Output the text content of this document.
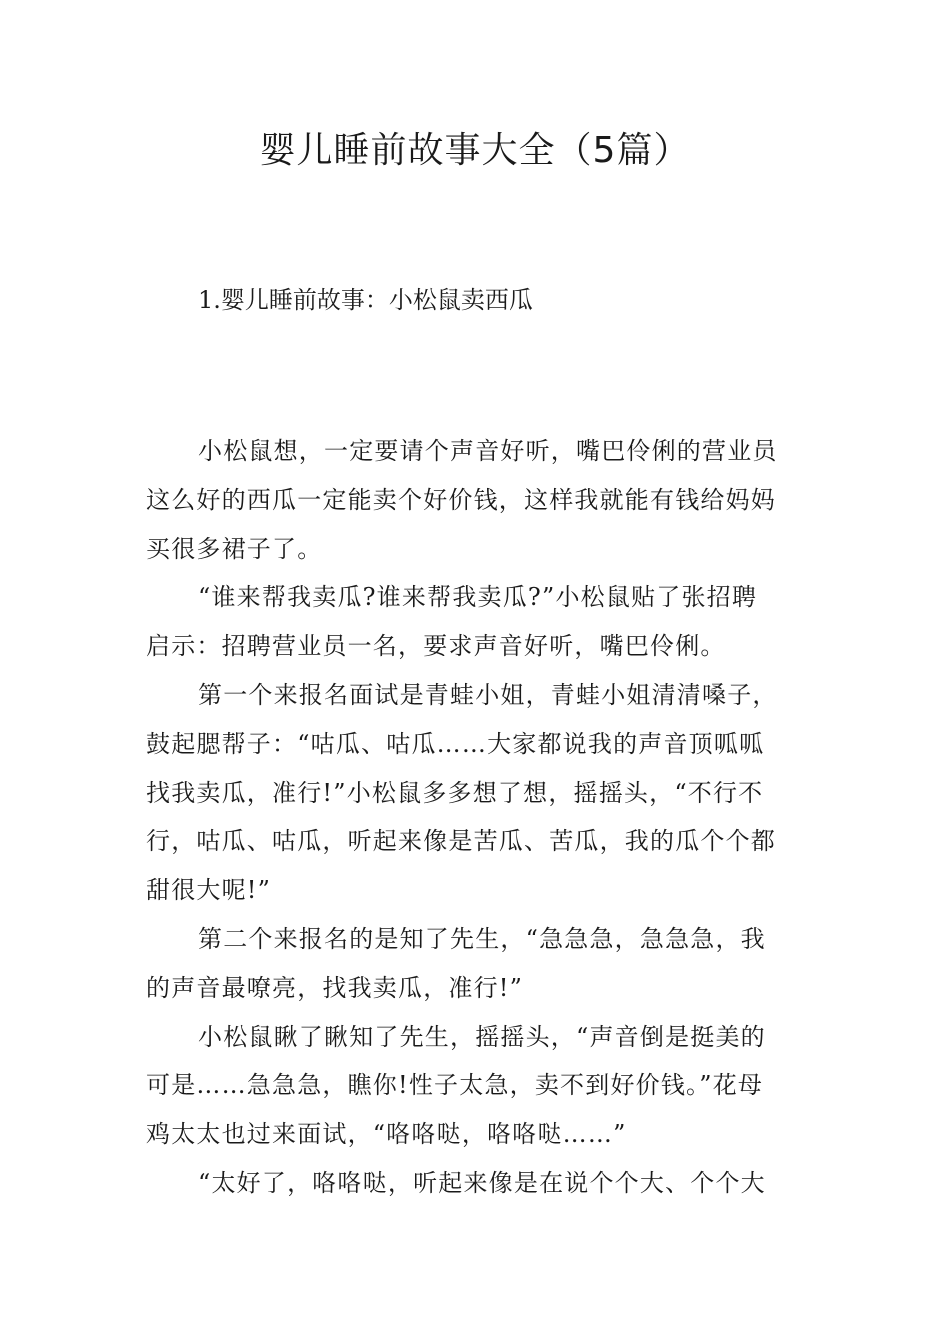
婴儿睡前故事大全（5篇）
1.婴儿睡前故事：小松鼠卖西瓜

小松鼠想，一定要请个声音好听，嘴巴伶俐的营业员
这么好的西瓜一定能卖个好价钱，这样我就能有钱给妈妈
买很多裙子了。

“谁来帮我卖瓜?谁来帮我卖瓜?”小松鼠贴了张招聘
启示：招聘营业员一名，要求声音好听，嘴巴伶俐。

第一个来报名面试是青蛙小姐，青蛙小姐清清嗓子，
鼓起腮帮子：“咕瓜、咕瓜……大家都说我的声音顶呱呱
找我卖瓜，准行!”小松鼠多多想了想，摇摇头，“不行不
行，咕瓜、咕瓜，听起来像是苦瓜、苦瓜，我的瓜个个都
甜很大呢!”

第二个来报名的是知了先生，“急急急，急急急，我
的声音最嘹亮，找我卖瓜，准行!”

小松鼠瞅了瞅知了先生，摇摇头，“声音倒是挺美的
可是……急急急，瞧你!性子太急，卖不到好价钱。”花母
鸡太太也过来面试，“咯咯哒，咯咯哒……”

“太好了，咯咯哒，听起来像是在说个个大、个个大
